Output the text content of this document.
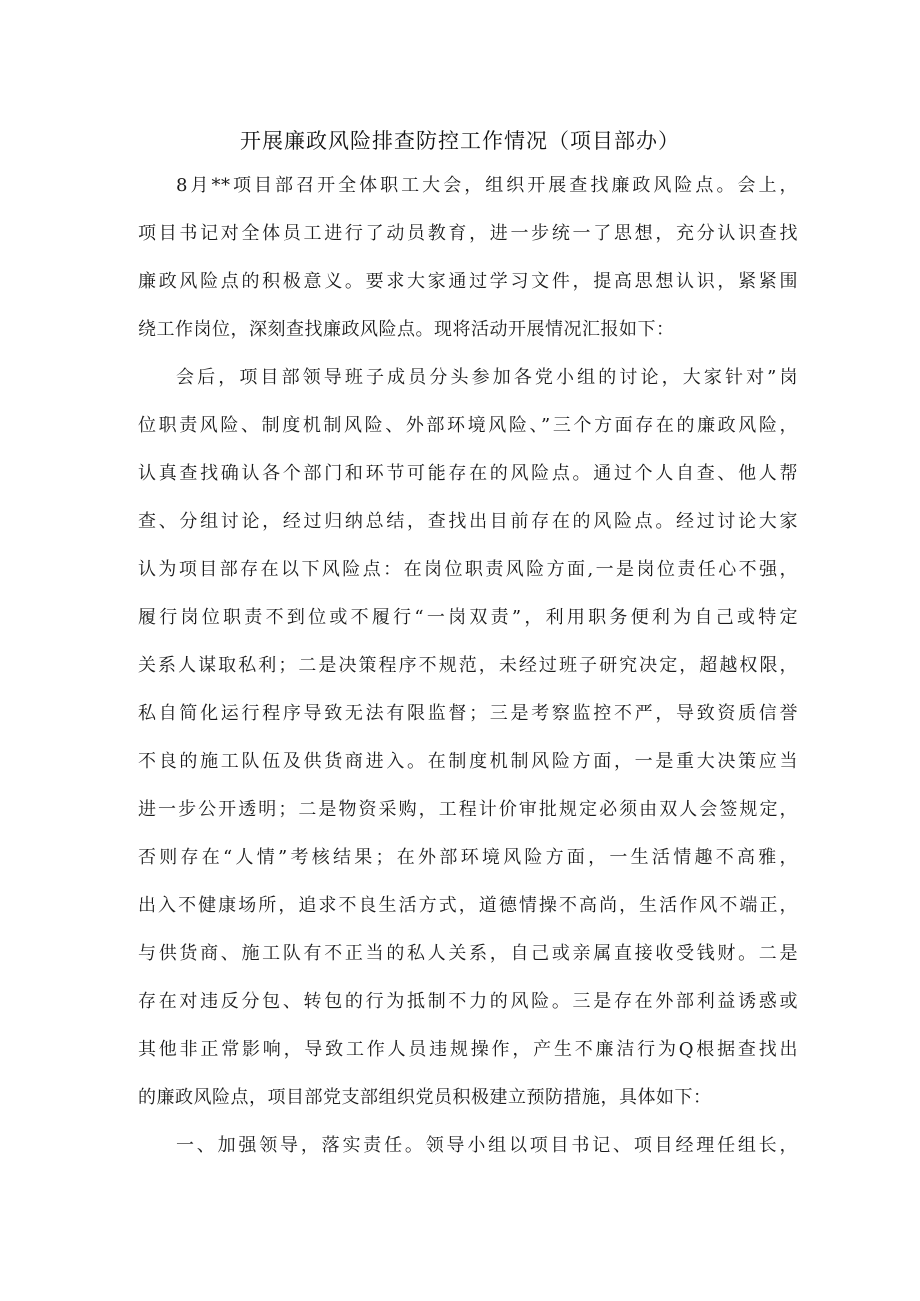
开展廉政风险排查防控工作情况（项目部办）
8月**项目部召开全体职工大会，组织开展查找廉政风险点。会上，
项目书记对全体员工进行了动员教育，进一步统一了思想，充分认识查找
廉政风险点的积极意义。要求大家通过学习文件，提高思想认识，紧紧围
绕工作岗位，深刻查找廉政风险点。现将活动开展情况汇报如下：
会后，项目部领导班子成员分头参加各党小组的讨论，大家针对”岗
位职责风险、制度机制风险、外部环境风险、”三个方面存在的廉政风险，
认真查找确认各个部门和环节可能存在的风险点。通过个人自查、他人帮
查、分组讨论，经过归纳总结，查找出目前存在的风险点。经过讨论大家
认为项目部存在以下风险点：在岗位职责风险方面,一是岗位责任心不强，
履行岗位职责不到位或不履行“一岗双责”，利用职务便利为自己或特定
关系人谋取私利；二是决策程序不规范，未经过班子研究决定，超越权限，
私自简化运行程序导致无法有限监督；三是考察监控不严，导致资质信誉
不良的施工队伍及供货商进入。在制度机制风险方面，一是重大决策应当
进一步公开透明；二是物资采购，工程计价审批规定必须由双人会签规定，
否则存在“人情”考核结果；在外部环境风险方面，一生活情趣不高雅，
出入不健康场所，追求不良生活方式，道德情操不高尚，生活作风不端正，
与供货商、施工队有不正当的私人关系，自己或亲属直接收受钱财。二是
存在对违反分包、转包的行为抵制不力的风险。三是存在外部利益诱惑或
其他非正常影响，导致工作人员违规操作，产生不廉洁行为Q根据查找出
的廉政风险点，项目部党支部组织党员积极建立预防措施，具体如下：
一、加强领导，落实责任。领导小组以项目书记、项目经理任组长，
